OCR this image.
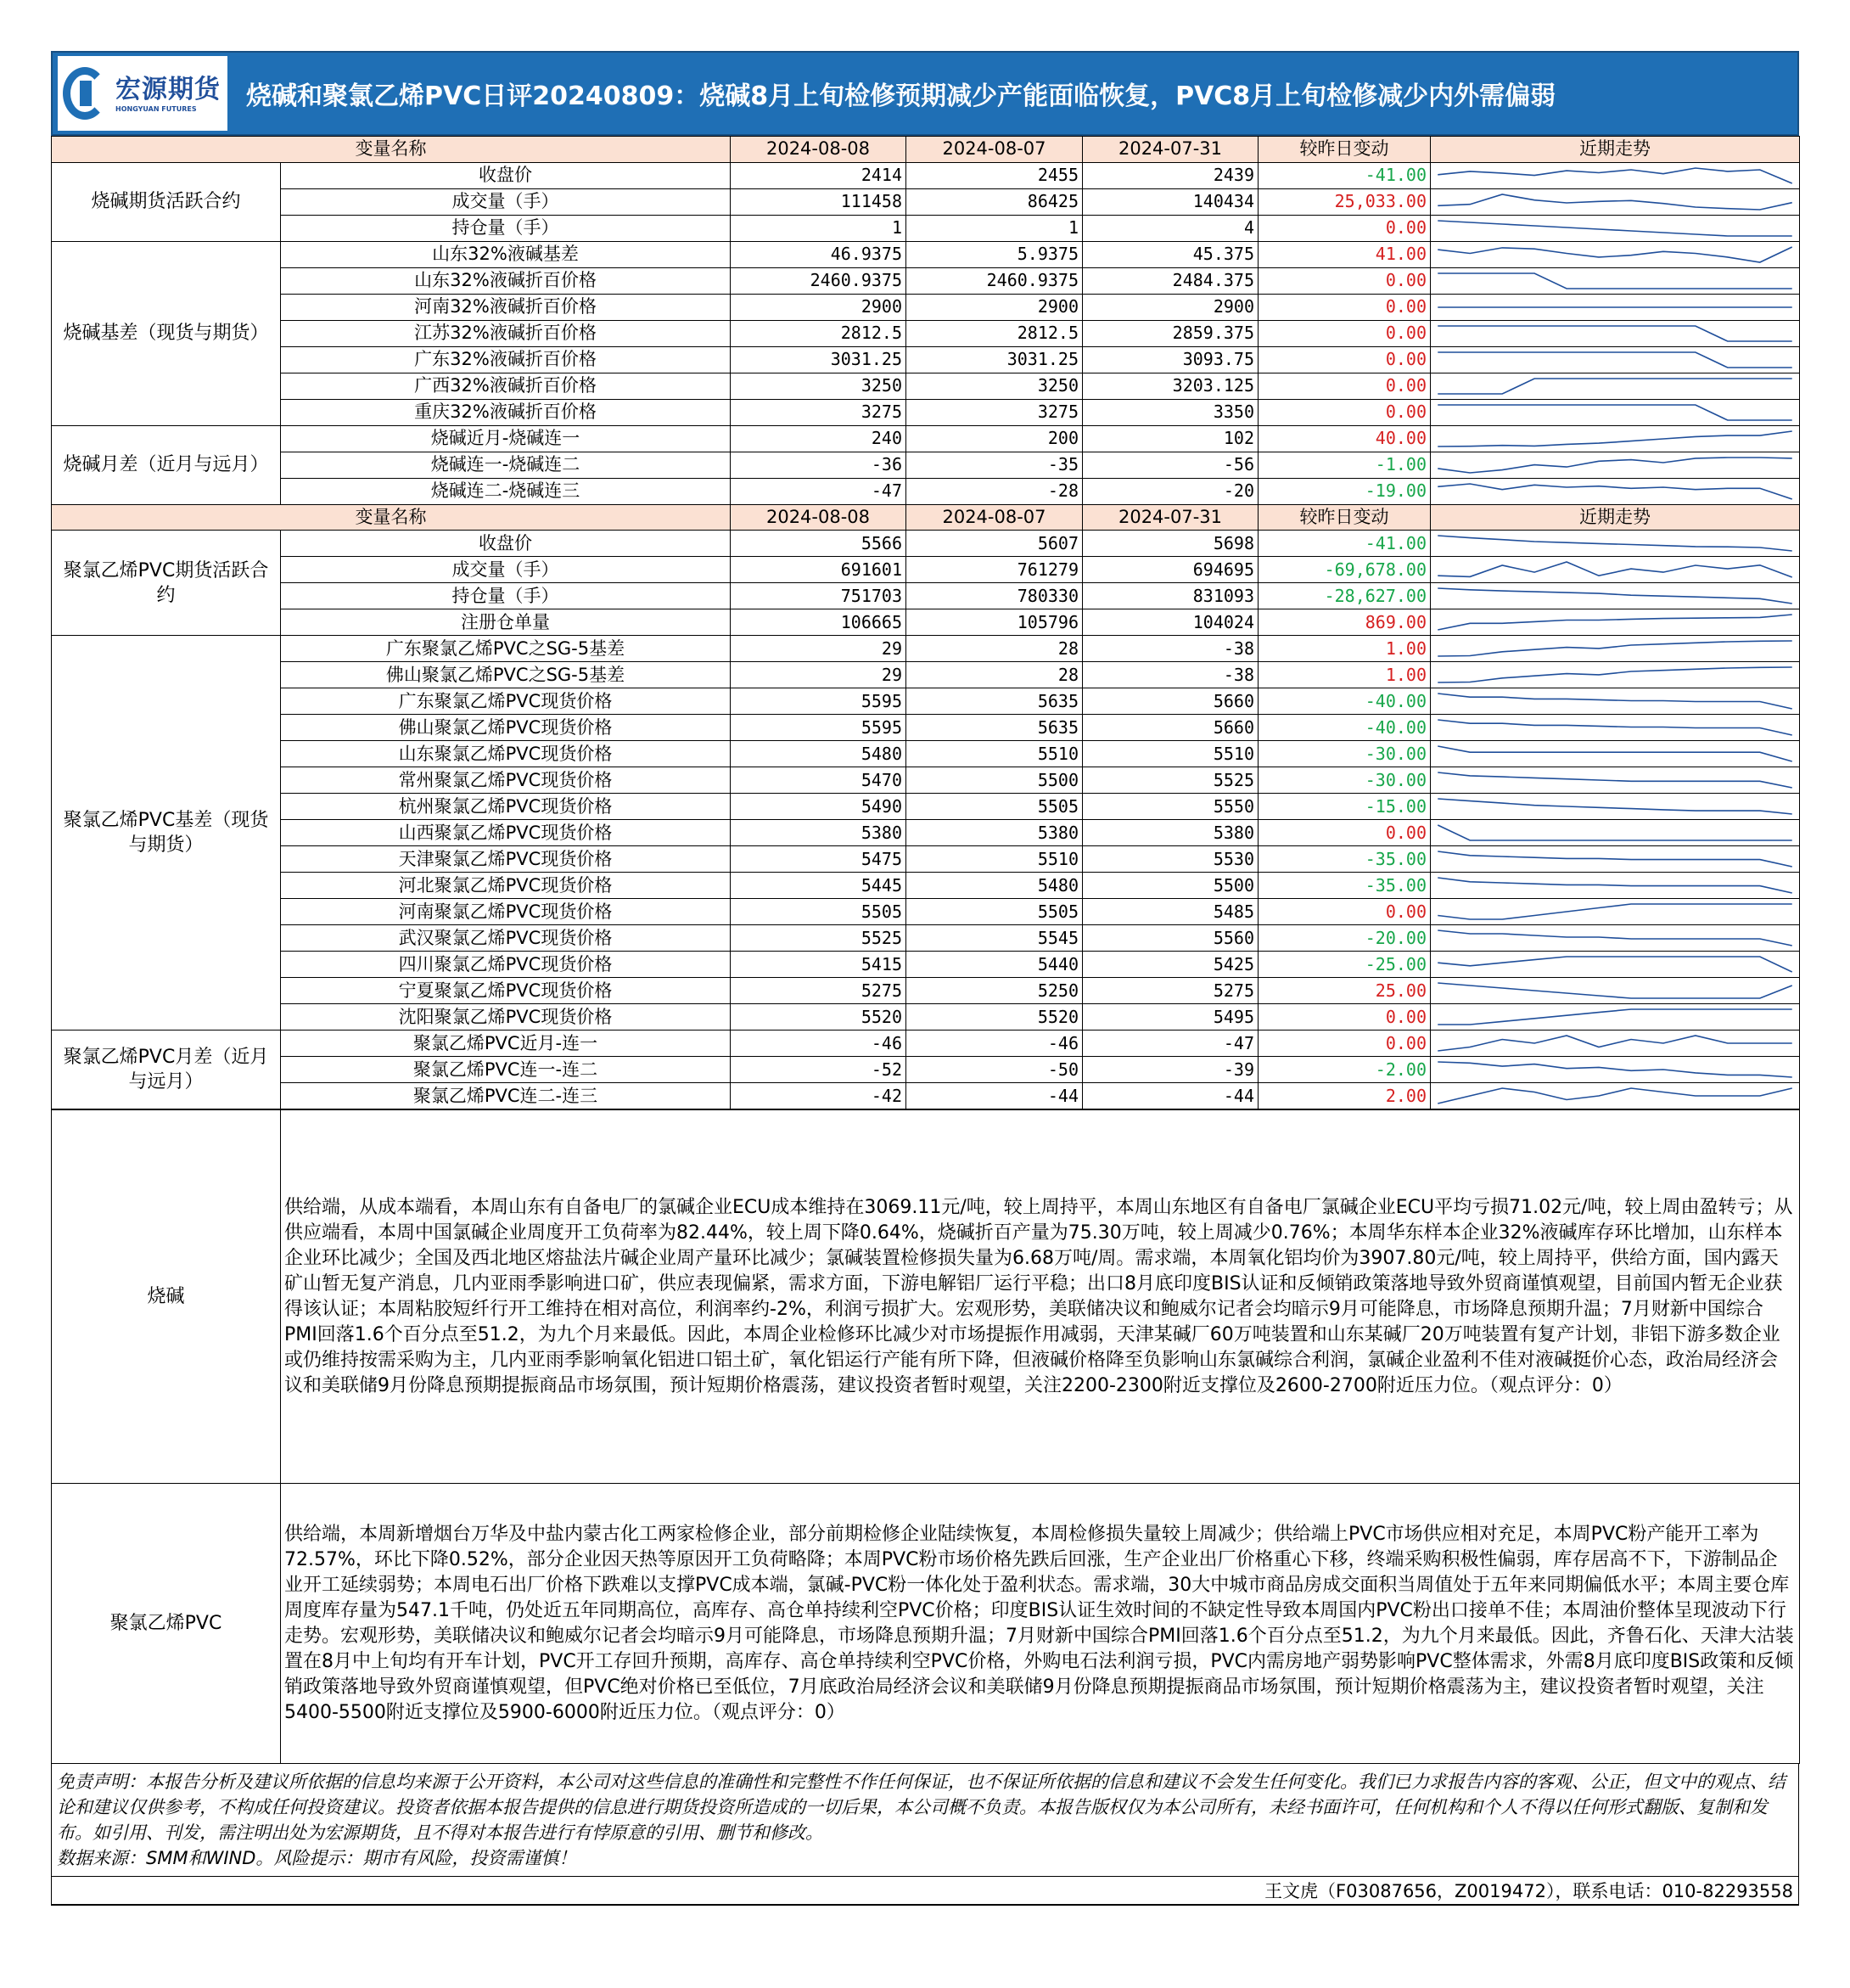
宏源期货
HONGYUAN FUTURES	烧碱和聚氯乙烯PVC日评20240809：烧碱8月上旬检修预期减少产能面临恢复，PVC8月上旬检修减少内外需偏弱
变量名称		2024-08-08	2024-08-07	2024-07-31	较昨日变动	近期走势
烧碱期货活跃合约	收盘价	2414	2455	2439	-41.00	

	成交量（手）	111458	86425	140434	25,033.00	

	持仓量（手）	1	1	4	0.00	

烧碱基差（现货与期货）	山东32%液碱基差	46.9375	5.9375	45.375	41.00	

	山东32%液碱折百价格	2460.9375	2460.9375	2484.375	0.00	

	河南32%液碱折百价格	2900	2900	2900	0.00	

	江苏32%液碱折百价格	2812.5	2812.5	2859.375	0.00	

	广东32%液碱折百价格	3031.25	3031.25	3093.75	0.00	

	广西32%液碱折百价格	3250	3250	3203.125	0.00	

	重庆32%液碱折百价格	3275	3275	3350	0.00	

烧碱月差（近月与远月）	烧碱近月-烧碱连一	240	200	102	40.00	

	烧碱连一-烧碱连二	-36	-35	-56	-1.00	

	烧碱连二-烧碱连三	-47	-28	-20	-19.00	

变量名称		2024-08-08	2024-08-07	2024-07-31	较昨日变动	近期走势
聚氯乙烯PVC期货活跃合约	收盘价	5566	5607	5698	-41.00	

	成交量（手）	691601	761279	694695	-69,678.00	

	持仓量（手）	751703	780330	831093	-28,627.00	

	注册仓单量	106665	105796	104024	869.00	

聚氯乙烯PVC基差（现货与期货）	广东聚氯乙烯PVC之SG-5基差	29	28	-38	1.00	

	佛山聚氯乙烯PVC之SG-5基差	29	28	-38	1.00	

	广东聚氯乙烯PVC现货价格	5595	5635	5660	-40.00	

	佛山聚氯乙烯PVC现货价格	5595	5635	5660	-40.00	

	山东聚氯乙烯PVC现货价格	5480	5510	5510	-30.00	

	常州聚氯乙烯PVC现货价格	5470	5500	5525	-30.00	

	杭州聚氯乙烯PVC现货价格	5490	5505	5550	-15.00	

	山西聚氯乙烯PVC现货价格	5380	5380	5380	0.00	

	天津聚氯乙烯PVC现货价格	5475	5510	5530	-35.00	

	河北聚氯乙烯PVC现货价格	5445	5480	5500	-35.00	

	河南聚氯乙烯PVC现货价格	5505	5505	5485	0.00	

	武汉聚氯乙烯PVC现货价格	5525	5545	5560	-20.00	

	四川聚氯乙烯PVC现货价格	5415	5440	5425	-25.00	

	宁夏聚氯乙烯PVC现货价格	5275	5250	5275	25.00	

	沈阳聚氯乙烯PVC现货价格	5520	5520	5495	0.00	

聚氯乙烯PVC月差（近月与远月）	聚氯乙烯PVC近月-连一	-46	-46	-47	0.00	

	聚氯乙烯PVC连一-连二	-52	-50	-39	-2.00	

	聚氯乙烯PVC连二-连三	-42	-44	-44	2.00	
烧碱	供给端，从成本端看，本周山东有自备电厂的氯碱企业ECU成本维持在3069.11元/吨，较上周持平，本周山东地区有自备电厂氯碱企业ECU平均亏损71.02元/吨，较上周由盈转亏；从供应端看，本周中国氯碱企业周度开工负荷率为82.44%，较上周下降0.64%，烧碱折百产量为75.30万吨，较上周减少0.76%；本周华东样本企业32%液碱库存环比增加，山东样本企业环比减少；全国及西北地区熔盐法片碱企业周产量环比减少；氯碱装置检修损失量为6.68万吨/周。需求端，本周氧化铝均价为3907.80元/吨，较上周持平，供给方面，国内露天矿山暂无复产消息，几内亚雨季影响进口矿，供应表现偏紧，需求方面，下游电解铝厂运行平稳；出口8月底印度BIS认证和反倾销政策落地导致外贸商谨慎观望，目前国内暂无企业获得该认证；本周粘胶短纤行开工维持在相对高位，利润率约-2%，利润亏损扩大。宏观形势，美联储决议和鲍威尔记者会均暗示9月可能降息，市场降息预期升温；7月财新中国综合PMI回落1.6个百分点至51.2，为九个月来最低。因此，本周企业检修环比减少对市场提振作用减弱，天津某碱厂60万吨装置和山东某碱厂20万吨装置有复产计划，非铝下游多数企业或仍维持按需采购为主，几内亚雨季影响氧化铝进口铝土矿，氧化铝运行产能有所下降，但液碱价格降至负影响山东氯碱综合利润，氯碱企业盈利不佳对液碱挺价心态，政治局经济会议和美联储9月份降息预期提振商品市场氛围，预计短期价格震荡，建议投资者暂时观望，关注2200-2300附近支撑位及2600-2700附近压力位。（观点评分：0）
聚氯乙烯PVC	供给端，本周新增烟台万华及中盐内蒙古化工两家检修企业，部分前期检修企业陆续恢复，本周检修损失量较上周减少；供给端上PVC市场供应相对充足，本周PVC粉产能开工率为72.57%，环比下降0.52%，部分企业因天热等原因开工负荷略降；本周PVC粉市场价格先跌后回涨，生产企业出厂价格重心下移，终端采购积极性偏弱，库存居高不下，下游制品企业开工延续弱势；本周电石出厂价格下跌难以支撑PVC成本端，氯碱-PVC粉一体化处于盈利状态。需求端，30大中城市商品房成交面积当周值处于五年来同期偏低水平；本周主要仓库周度库存量为547.1千吨，仍处近五年同期高位，高库存、高仓单持续利空PVC价格；印度BIS认证生效时间的不缺定性导致本周国内PVC粉出口接单不佳；本周油价整体呈现波动下行走势。宏观形势，美联储决议和鲍威尔记者会均暗示9月可能降息，市场降息预期升温；7月财新中国综合PMI回落1.6个百分点至51.2，为九个月来最低。因此，齐鲁石化、天津大沽装置在8月中上旬均有开车计划，PVC开工存回升预期，高库存、高仓单持续利空PVC价格，外购电石法利润亏损，PVC内需房地产弱势影响PVC整体需求，外需8月底印度BIS政策和反倾销政策落地导致外贸商谨慎观望，但PVC绝对价格已至低位，7月底政治局经济会议和美联储9月份降息预期提振商品市场氛围，预计短期价格震荡为主，建议投资者暂时观望，关注5400-5500附近支撑位及5900-6000附近压力位。（观点评分：0）
免责声明：本报告分析及建议所依据的信息均来源于公开资料，本公司对这些信息的准确性和完整性不作任何保证，也不保证所依据的信息和建议不会发生任何变化。我们已力求报告内容的客观、公正，但文中的观点、结论和建议仅供参考，不构成任何投资建议。投资者依据本报告提供的信息进行期货投资所造成的一切后果，本公司概不负责。本报告版权仅为本公司所有，未经书面许可，任何机构和个人不得以任何形式翻版、复制和发布。如引用、刊发，需注明出处为宏源期货，且不得对本报告进行有悖原意的引用、删节和修改。
数据来源：SMM和WIND。风险提示：期市有风险，投资需谨慎！
王文虎（F03087656，Z0019472），联系电话：010-82293558
